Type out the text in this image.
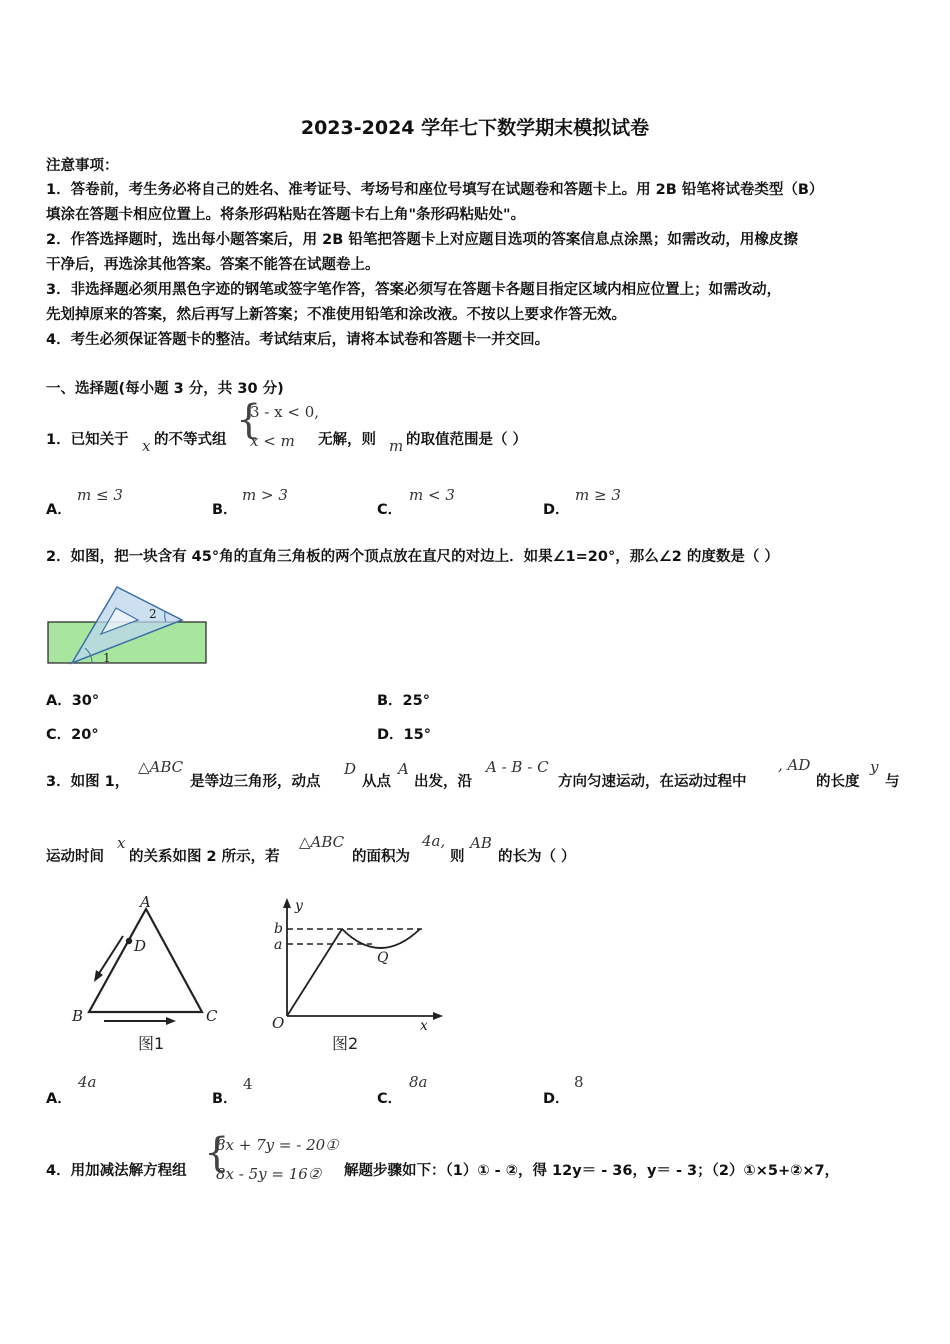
2023-2024 学年七下数学期末模拟试卷
注意事项：
1．答卷前，考生务必将自己的姓名、准考证号、考场号和座位号填写在试题卷和答题卡上。用 2B 铅笔将试卷类型（B）
填涂在答题卡相应位置上。将条形码粘贴在答题卡右上角"条形码粘贴处"。
2．作答选择题时，选出每小题答案后，用 2B 铅笔把答题卡上对应题目选项的答案信息点涂黑；如需改动，用橡皮擦
干净后，再选涂其他答案。答案不能答在试题卷上。
3．非选择题必须用黑色字迹的钢笔或签字笔作答，答案必须写在答题卡各题目指定区域内相应位置上；如需改动，
先划掉原来的答案，然后再写上新答案；不准使用铅笔和涂改液。不按以上要求作答无效。
4．考生必须保证答题卡的整洁。考试结束后，请将本试卷和答题卡一并交回。
一、选择题(每小题 3 分，共 30 分)
1．已知关于 x 的不等式组 {
3 - x < 0,
x < m 无解，则 m 的取值范围是（ ）
A．
m ≤ 3
B．
m > 3
C．
m < 3
D．
m ≥ 3
2．如图，把一块含有 45°角的直角三角板的两个顶点放在直尺的对边上．如果∠1=20°，那么∠2 的度数是（ ）
1
2
A．30°	B．25°
C．20°	D．15°
3．如图 1，
△ABC
是等边三角形，动点
D
从点
A
出发，沿
A - B - C
方向匀速运动，在运动过程中
, AD
的长度
y
与
运动时间
x
的关系如图 2 所示，若
△ABC
的面积为
4a,
则
AB
的长为（ ）
A
D
B	C
图1
y
b
a
Q
O	x
图2
A．
4a
B．
4
C．
8a
D．
8
4．用加减法解方程组 {
8x + 7y = - 20①
8x - 5y = 16② 解题步骤如下：（1）① - ②，得 12y＝ - 36，y＝ - 3；（2）①×5+②×7，
